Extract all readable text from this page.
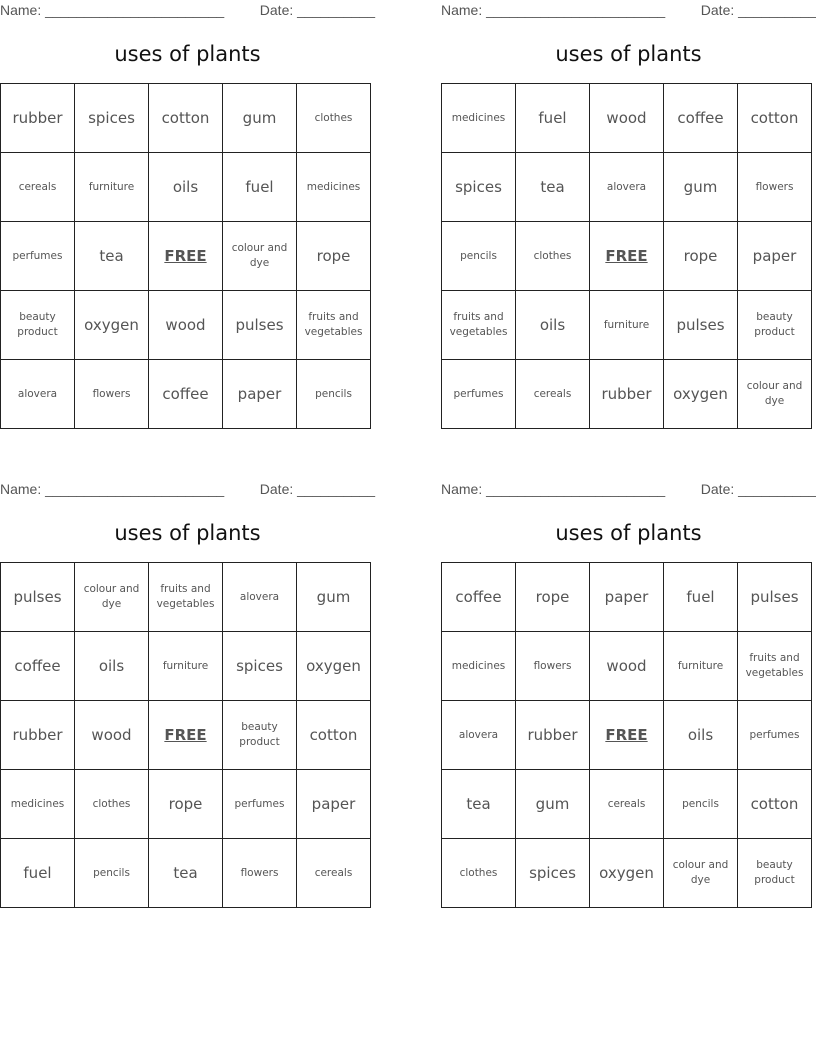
Name: _______________________	Date: __________
uses of plants
rubber	spices	cotton	gum	clothes
cereals	furniture	oils	fuel	medicines
perfumes	tea	FREE	colour and dye	rope
beauty product	oxygen	wood	pulses	fruits and vegetables
alovera	flowers	coffee	paper	pencils
Name: _______________________	Date: __________
uses of plants
medicines	fuel	wood	coffee	cotton
spices	tea	alovera	gum	flowers
pencils	clothes	FREE	rope	paper
fruits and vegetables	oils	furniture	pulses	beauty product
perfumes	cereals	rubber	oxygen	colour and dye
Name: _______________________	Date: __________
uses of plants
pulses	colour and dye	fruits and vegetables	alovera	gum
coffee	oils	furniture	spices	oxygen
rubber	wood	FREE	beauty product	cotton
medicines	clothes	rope	perfumes	paper
fuel	pencils	tea	flowers	cereals
Name: _______________________	Date: __________
uses of plants
coffee	rope	paper	fuel	pulses
medicines	flowers	wood	furniture	fruits and vegetables
alovera	rubber	FREE	oils	perfumes
tea	gum	cereals	pencils	cotton
clothes	spices	oxygen	colour and dye	beauty product
